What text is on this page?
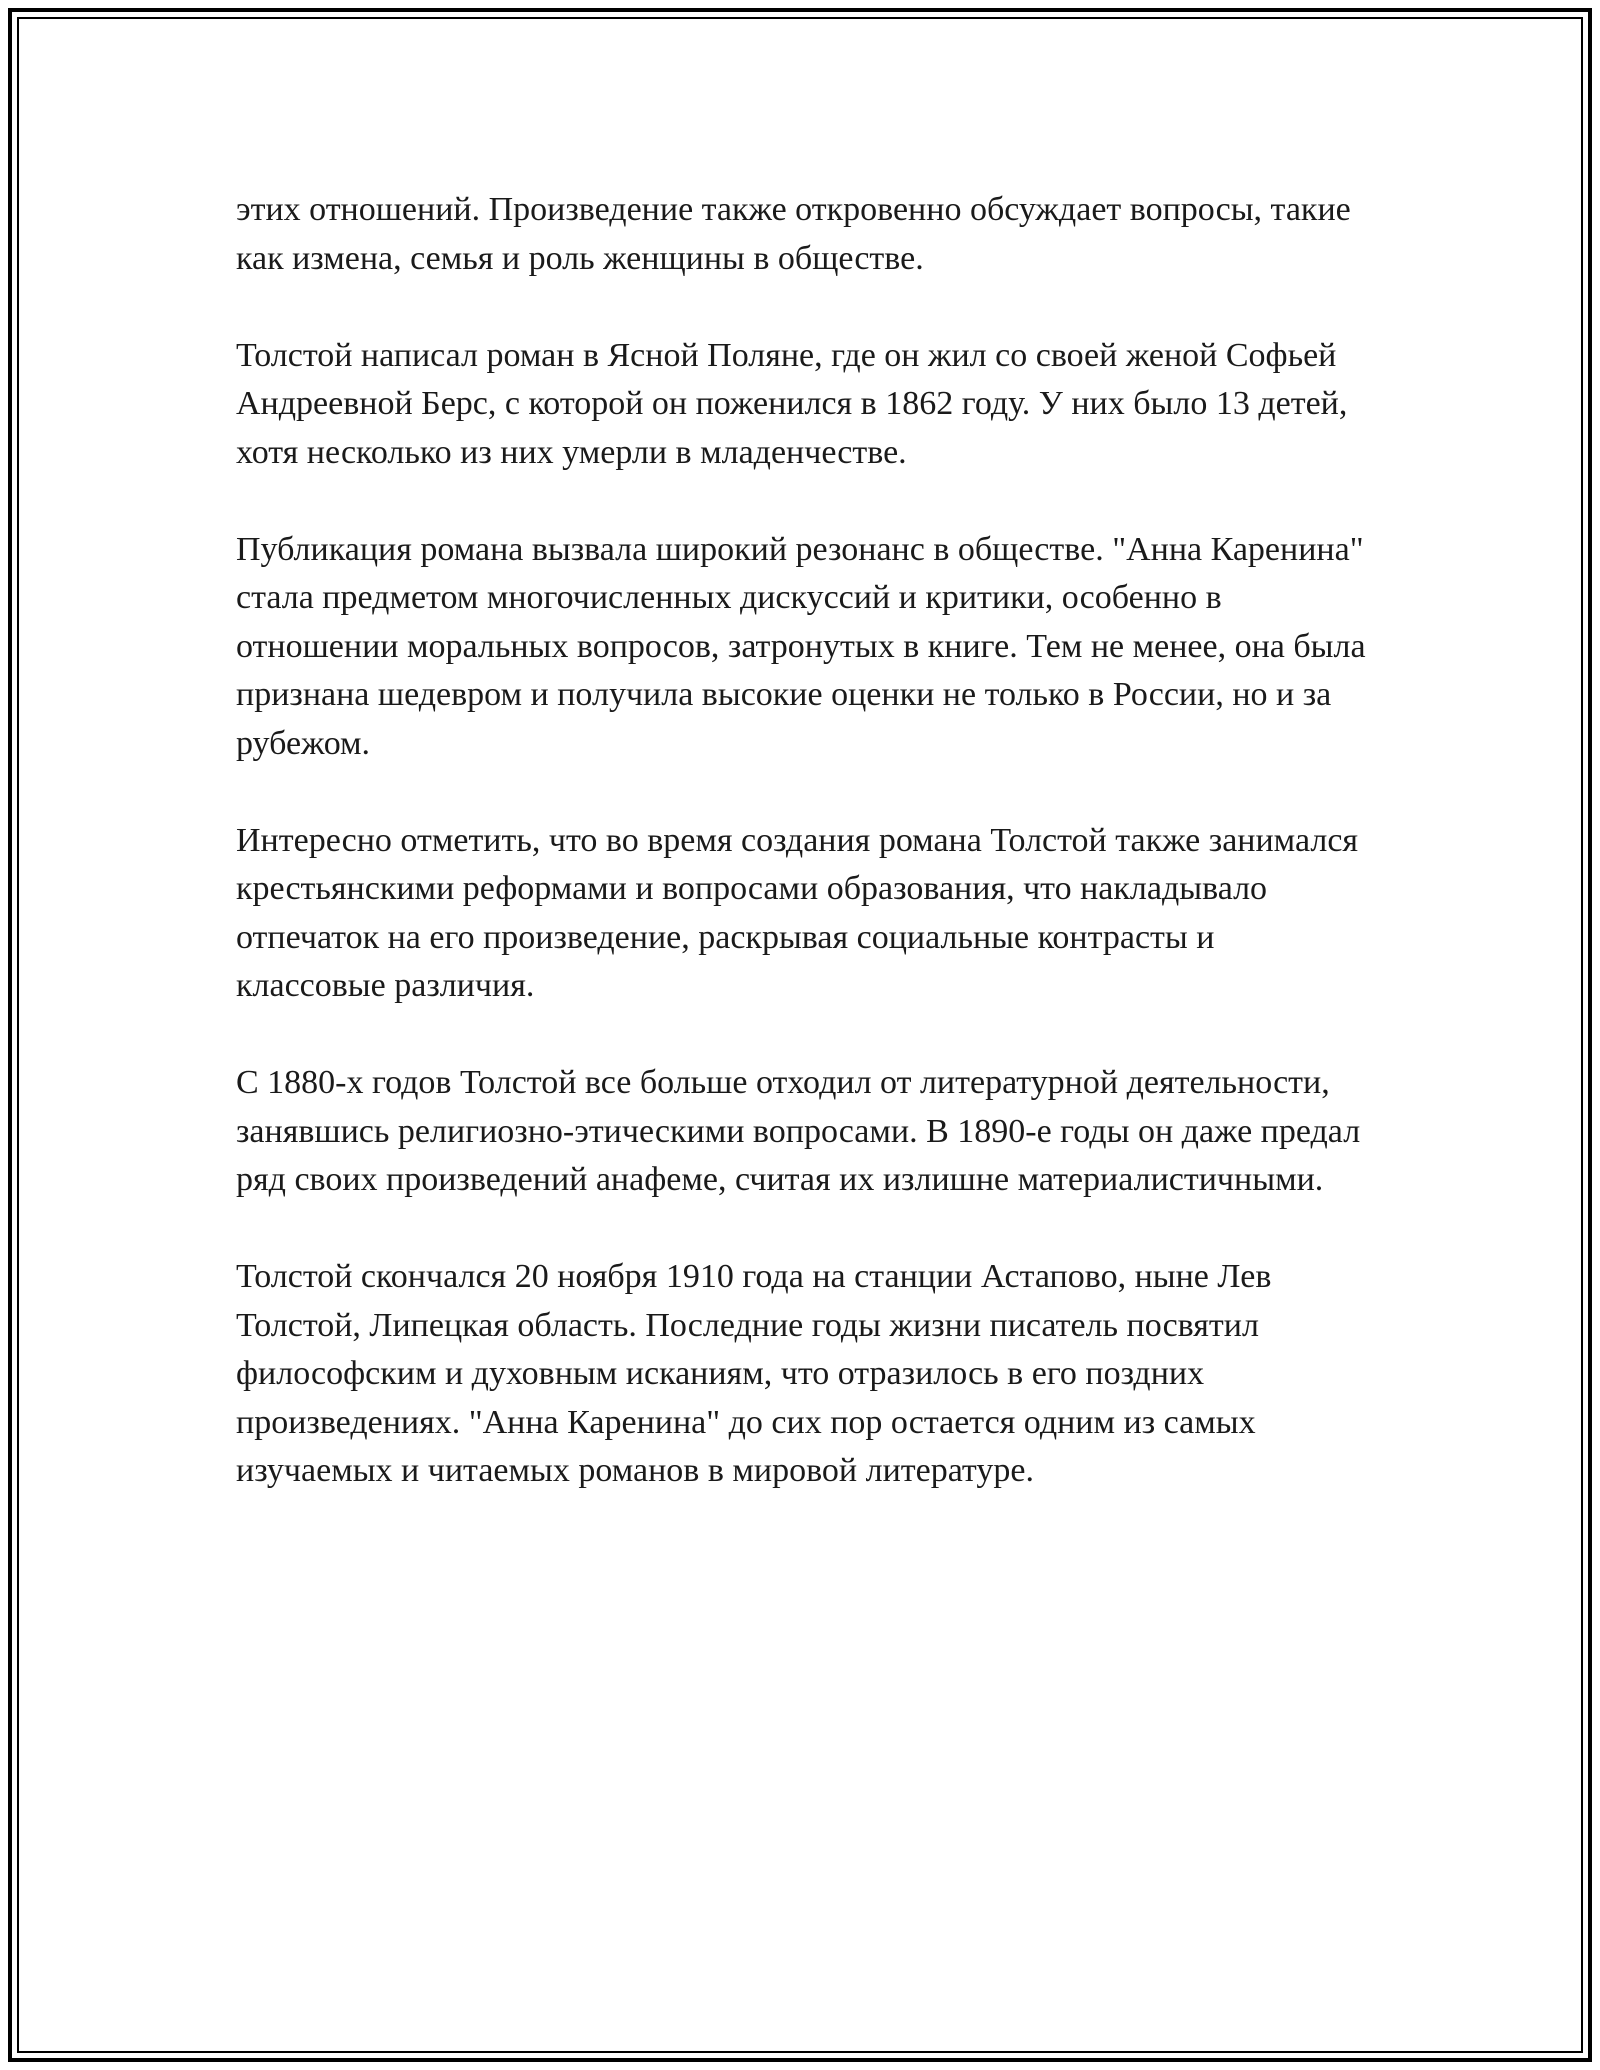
этих отношений. Произведение также откровенно обсуждает вопросы, такие как измена, семья и роль женщины в обществе.

Толстой написал роман в Ясной Поляне, где он жил со своей женой Софьей Андреевной Берс, с которой он поженился в 1862 году. У них было 13 детей, хотя несколько из них умерли в младенчестве.

Публикация романа вызвала широкий резонанс в обществе. "Анна Каренина" стала предметом многочисленных дискуссий и критики, особенно в отношении моральных вопросов, затронутых в книге. Тем не менее, она была признана шедевром и получила высокие оценки не только в России, но и за рубежом.

Интересно отметить, что во время создания романа Толстой также занимался крестьянскими реформами и вопросами образования, что накладывало отпечаток на его произведение, раскрывая социальные контрасты и классовые различия.

С 1880-х годов Толстой все больше отходил от литературной деятельности, занявшись религиозно-этическими вопросами. В 1890-е годы он даже предал ряд своих произведений анафеме, считая их излишне материалистичными.

Толстой скончался 20 ноября 1910 года на станции Астапово, ныне Лев Толстой, Липецкая область. Последние годы жизни писатель посвятил философским и духовным исканиям, что отразилось в его поздних произведениях. "Анна Каренина" до сих пор остается одним из самых изучаемых и читаемых романов в мировой литературе.
